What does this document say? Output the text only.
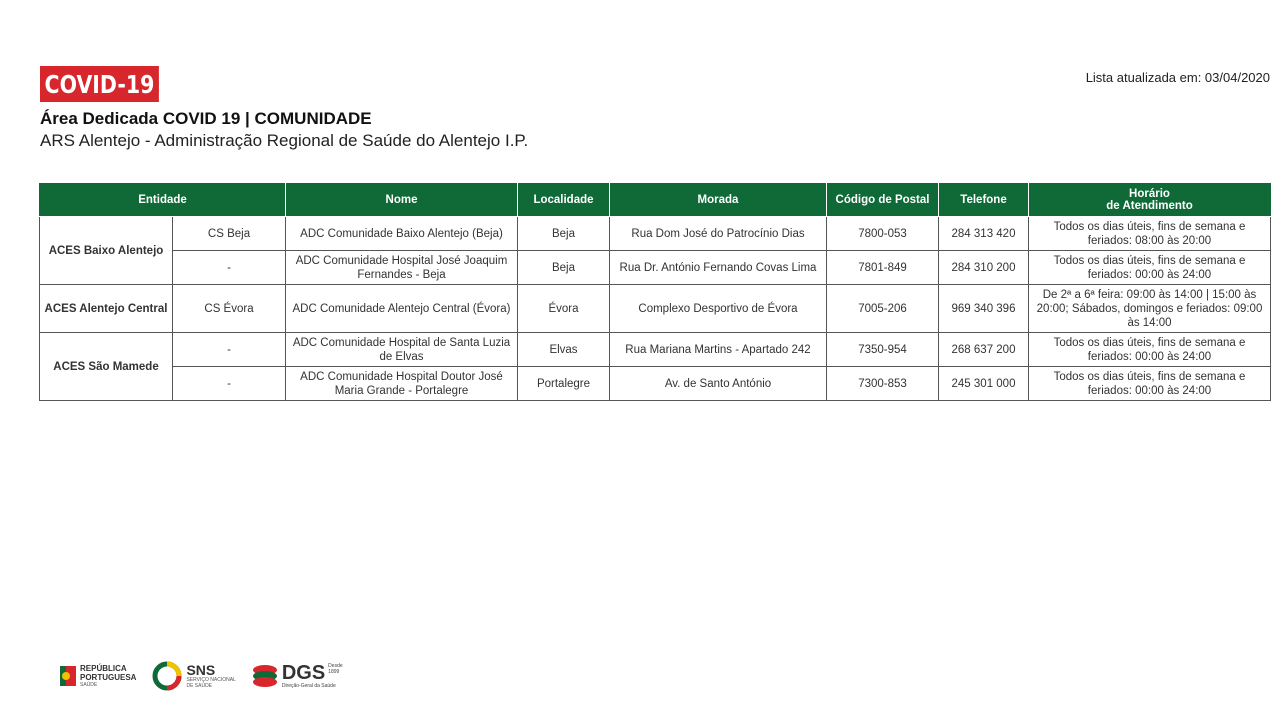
COVID-19	Lista atualizada em: 03/04/2020
Área Dedicada COVID 19 | COMUNIDADE
ARS Alentejo - Administração Regional de Saúde do Alentejo I.P.
Entidade		Nome	Localidade	Morada	Código de Postal	Telefone	Horário
de Atendimento

ACES Baixo Alentejo	CS Beja	ADC Comunidade Baixo Alentejo (Beja)	Beja	Rua Dom José do Patrocínio Dias	7800-053	284 313 420	Todos os dias úteis, fins de semana e feriados: 08:00 às 20:00
	-	ADC Comunidade Hospital José Joaquim Fernandes - Beja	Beja	Rua Dr. António Fernando Covas Lima	7801-849	284 310 200	Todos os dias úteis, fins de semana e feriados: 00:00 às 24:00
ACES Alentejo Central	CS Évora	ADC Comunidade Alentejo Central (Évora)	Évora	Complexo Desportivo de Évora	7005-206	969 340 396	De 2ª a 6ª feira: 09:00 às 14:00 | 15:00 às 20:00; Sábados, domingos e feriados: 09:00 às 14:00
ACES São Mamede	-	ADC Comunidade Hospital de Santa Luzia de Elvas	Elvas	Rua Mariana Martins - Apartado 242	7350-954	268 637 200	Todos os dias úteis, fins de semana e feriados: 00:00 às 24:00
	-	ADC Comunidade Hospital Doutor José Maria Grande - Portalegre	Portalegre	Av. de Santo António	7300-853	245 301 000	Todos os dias úteis, fins de semana e feriados: 00:00 às 24:00
REPÚBLICA
PORTUGUESA
SAÚDE
SNS
SERVIÇO NACIONAL
DE SAÚDE
DGS Desde
1899
Direção-Geral da Saúde
